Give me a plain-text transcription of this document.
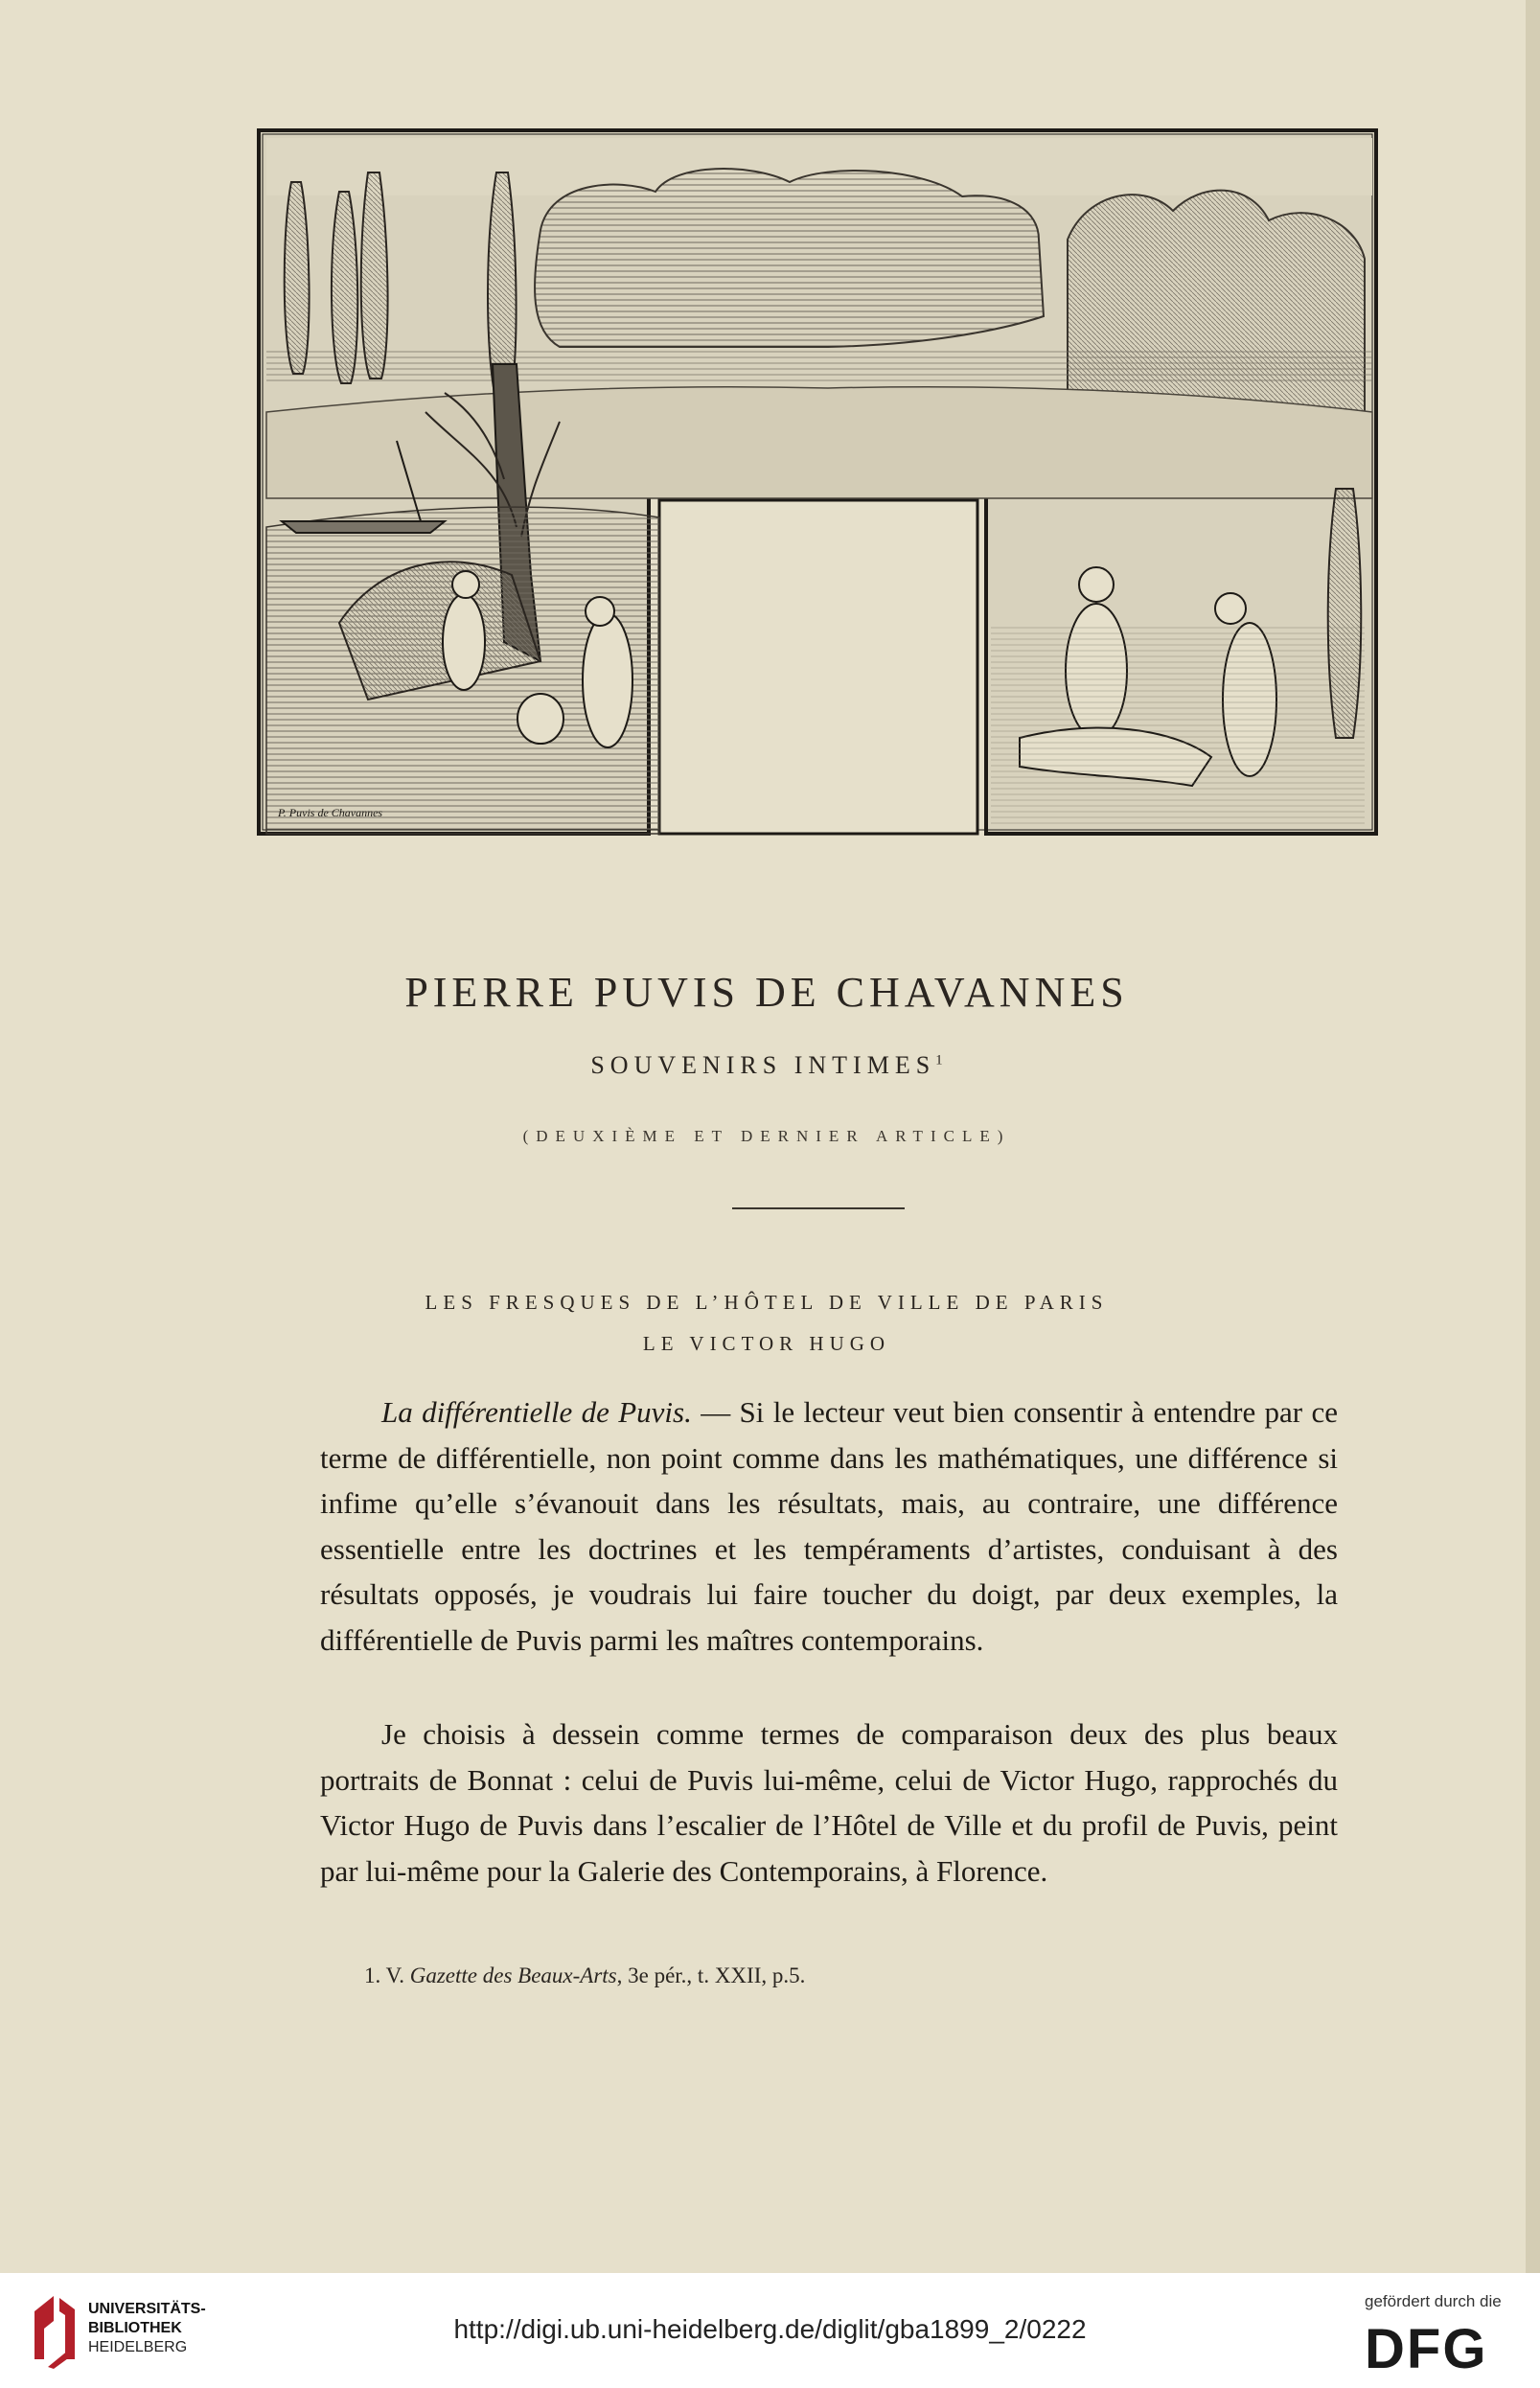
P. Puvis de Chavannes
PIERRE PUVIS DE CHAVANNES
SOUVENIRS INTIMES$^1$
(DEUXIÈME ET DERNIER ARTICLE)
LES FRESQUES DE L’HÔTEL DE VILLE DE PARIS
LE VICTOR HUGO

La différentielle de Puvis. — Si le lecteur veut bien consentir à entendre par ce terme de différentielle, non point comme dans les mathématiques, une différence si infime qu’elle s’évanouit dans les résultats, mais, au contraire, une différence essentielle entre les doctrines et les tempéraments d’artistes, conduisant à des résultats opposés, je voudrais lui faire toucher du doigt, par deux exemples, la différentielle de Puvis parmi les maîtres contemporains.

Je choisis à dessein comme termes de comparaison deux des plus beaux portraits de Bonnat : celui de Puvis lui-même, celui de Victor Hugo, rapprochés du Victor Hugo de Puvis dans l’escalier de l’Hôtel de Ville et du profil de Puvis, peint par lui-même pour la Galerie des Contemporains, à Florence.

1. V. Gazette des Beaux-Arts, 3e pér., t. XXII, p.5.
UNIVERSITÄTS-
BIBLIOTHEK
HEIDELBERG
http://digi.ub.uni-heidelberg.de/diglit/gba1899_2/0222
gefördert durch die
DFG
